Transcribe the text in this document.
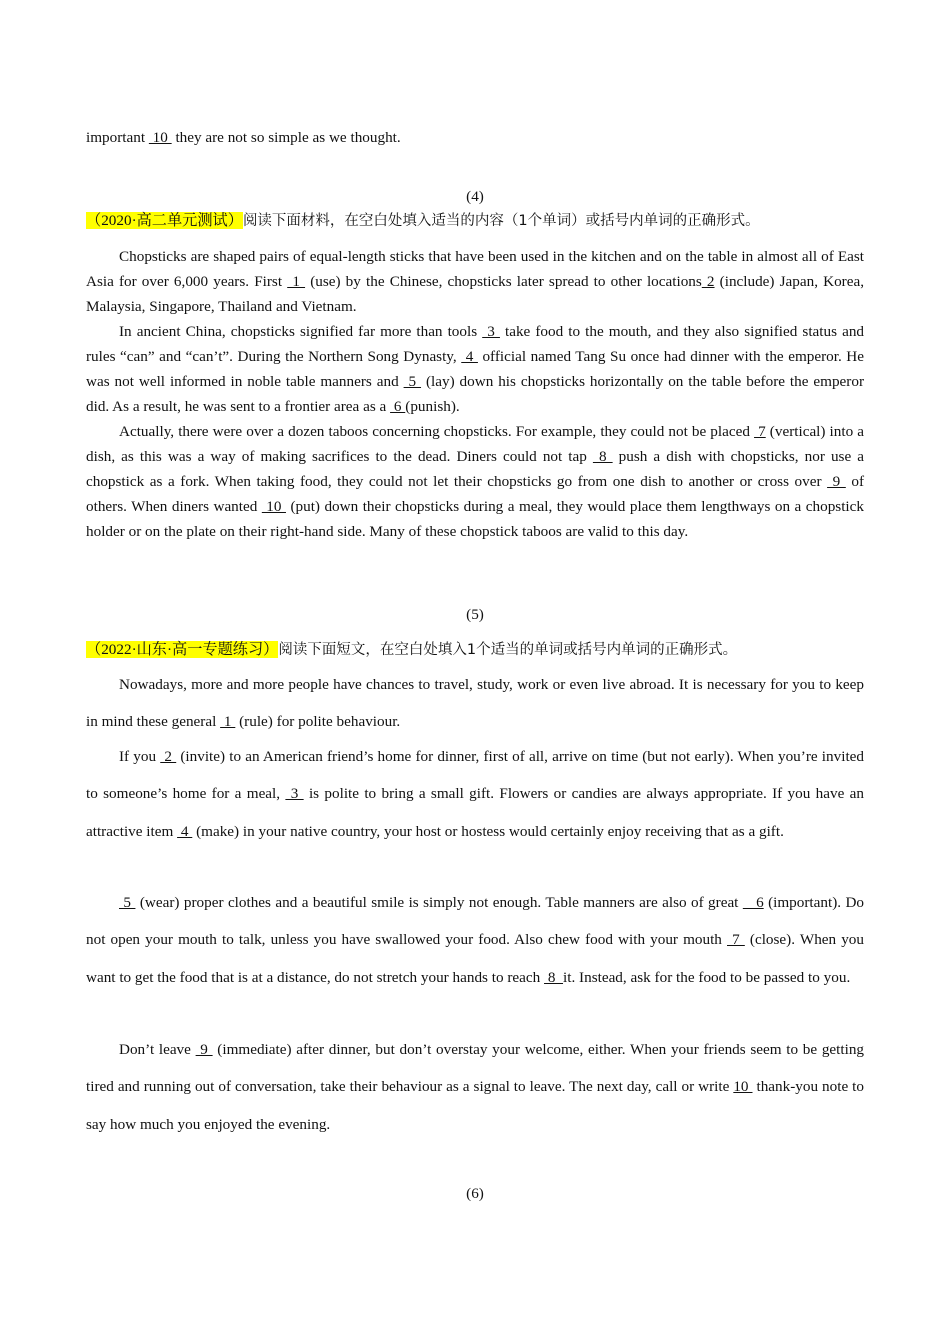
important  10  they are not so simple as we thought.
(4)
（2020·高二单元测试）阅读下面材料，在空白处填入适当的内容（1个单词）或括号内单词的正确形式。
Chopsticks are shaped pairs of equal-length sticks that have been used in the kitchen and on the table in almost all of East Asia for over 6,000 years. First  1  (use) by the Chinese, chopsticks later spread to other locations 2 (include) Japan, Korea, Malaysia, Singapore, Thailand and Vietnam.
In ancient China, chopsticks signified far more than tools  3  take food to the mouth, and they also signified status and rules “can” and “can’t”. During the Northern Song Dynasty,  4  official named Tang Su once had dinner with the emperor. He was not well informed in noble table manners and  5  (lay) down his chopsticks horizontally on the table before the emperor did. As a result, he was sent to a frontier area as a  6 (punish).
Actually, there were over a dozen taboos concerning chopsticks. For example, they could not be placed  7 (vertical) into a dish, as this was a way of making sacrifices to the dead. Diners could not tap  8  push a dish with chopsticks, nor use a chopstick as a fork. When taking food, they could not let their chopsticks go from one dish to another or cross over  9  of others. When diners wanted  10  (put) down their chopsticks during a meal, they would place them lengthways on a chopstick holder or on the plate on their right-hand side. Many of these chopstick taboos are valid to this day.
(5)
（2022·山东·高一专题练习）阅读下面短文，在空白处填入1个适当的单词或括号内单词的正确形式。
Nowadays, more and more people have chances to travel, study, work or even live abroad. It is necessary for you to keep in mind these general  1  (rule) for polite behaviour.
If you  2  (invite) to an American friend’s home for dinner, first of all, arrive on time (but not early). When you’re invited to someone’s home for a meal,  3  is polite to bring a small gift. Flowers or candies are always appropriate. If you have an attractive item  4  (make) in your native country, your host or hostess would certainly enjoy receiving that as a gift.
5  (wear) proper clothes and a beautiful smile is simply not enough. Table manners are also of great    6 (important). Do not open your mouth to talk, unless you have swallowed your food. Also chew food with your mouth  7  (close). When you want to get the food that is at a distance, do not stretch your hands to reach  8  it. Instead, ask for the food to be passed to you.
Don’t leave  9  (immediate) after dinner, but don’t overstay your welcome, either. When your friends seem to be getting tired and running out of conversation, take their behaviour as a signal to leave. The next day, call or write 10  thank-you note to say how much you enjoyed the evening.
(6)
